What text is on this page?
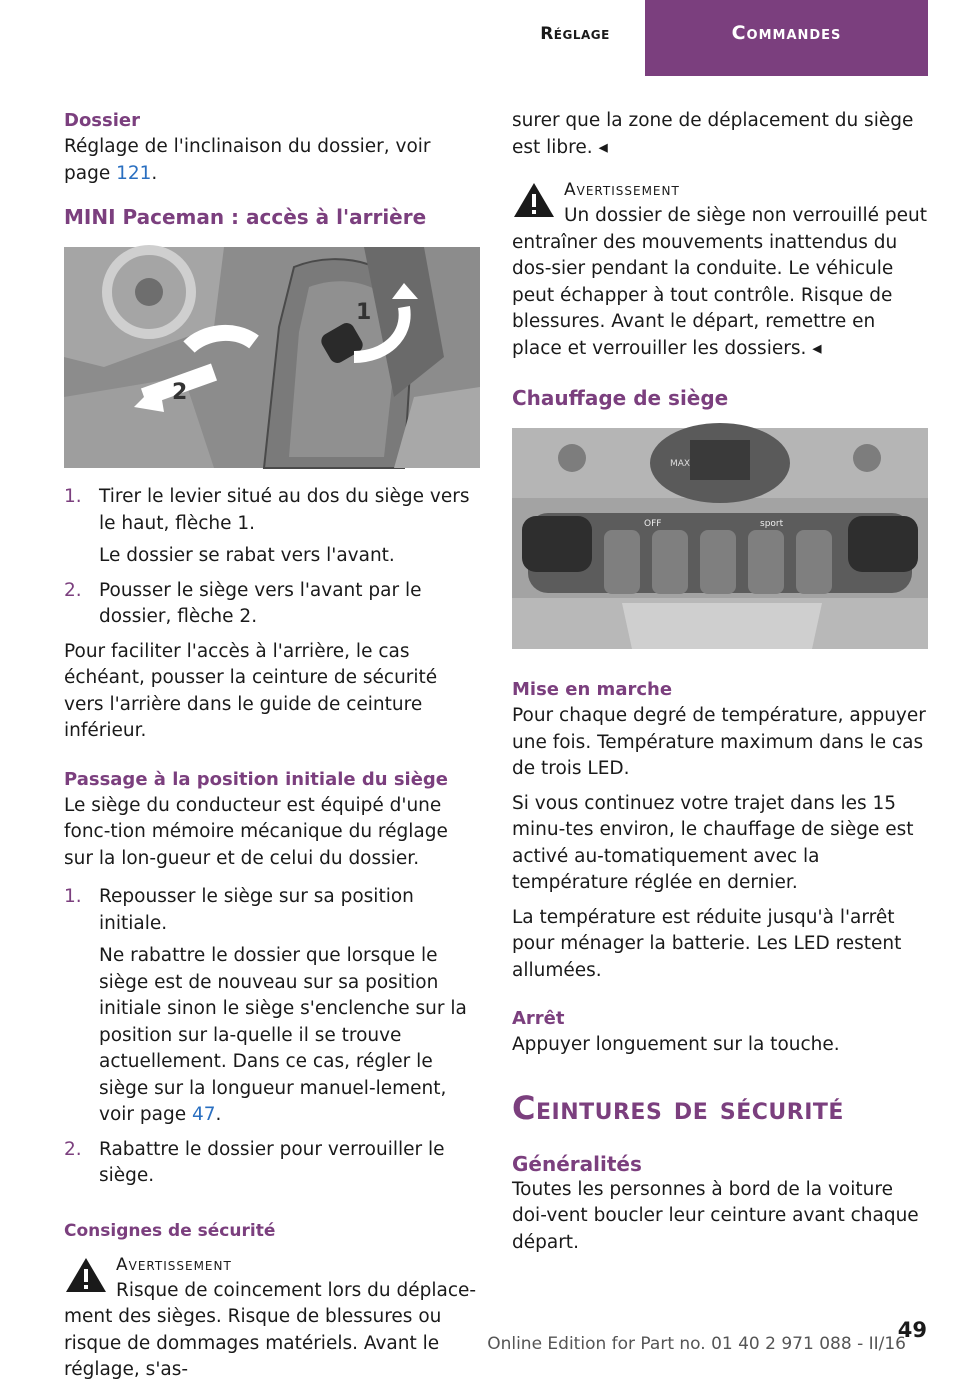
Réglage	Commandes
Dossier

Réglage de l'inclinaison du dossier, voir
page 121.

MINI Paceman : accès à l'arrière
1
2
1. Tirer le levier situé au dos du siège vers le haut, flèche 1.
Le dossier se rabat vers l'avant.
2. Pousser le siège vers l'avant par le dossier, flèche 2.

Pour faciliter l'accès à l'arrière, le cas échéant, pousser la ceinture de sécurité vers l'arrière dans le guide de ceinture inférieur.

Passage à la position initiale du siège

Le siège du conducteur est équipé d'une fonc‐tion mémoire mécanique du réglage sur la lon‐gueur et de celui du dossier.

1. Repousser le siège sur sa position initiale.
Ne rabattre le dossier que lorsque le siège est de nouveau sur sa position initiale sinon le siège s'enclenche sur la position sur la‐quelle il se trouve actuellement. Dans ce cas, régler le siège sur la longueur manuel‐lement, voir page 47.
2. Rabattre le dossier pour verrouiller le siège.
Consignes de sécurité
Avertissement

Risque de coincement lors du déplace‐

ment des sièges. Risque de blessures ou risque de dommages matériels. Avant le réglage, s'as‐

surer que la zone de déplacement du siège est libre. ◂

Avertissement

Un dossier de siège non verrouillé peut

entraîner des mouvements inattendus du dos‐sier pendant la conduite. Le véhicule peut échapper à tout contrôle. Risque de blessures. Avant le départ, remettre en place et verrouiller les dossiers. ◂

Chauffage de siège
MAX
OFF	sport
Mise en marche

Pour chaque degré de température, appuyer une fois. Température maximum dans le cas de trois LED.

Si vous continuez votre trajet dans les 15 minu‐tes environ, le chauffage de siège est activé au‐tomatiquement avec la température réglée en dernier.

La température est réduite jusqu'à l'arrêt pour ménager la batterie. Les LED restent allumées.

Arrêt

Appuyer longuement sur la touche.

Ceintures de sécurité
Généralités

Toutes les personnes à bord de la voiture doi‐vent boucler leur ceinture avant chaque départ.

49
Online Edition for Part no. 01 40 2 971 088 - II/16
